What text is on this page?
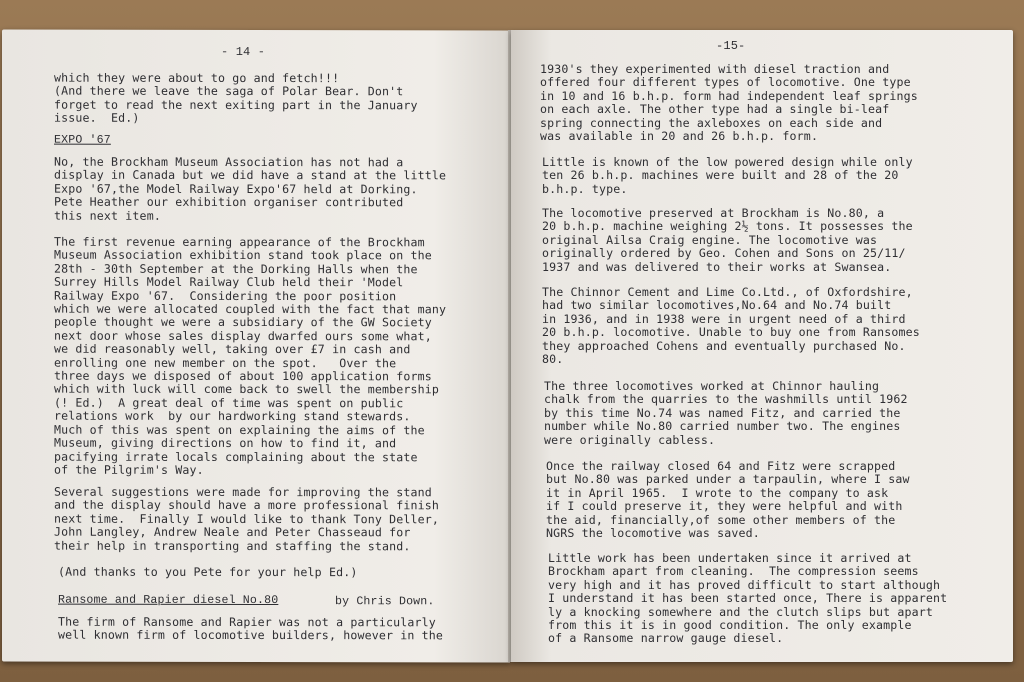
- 14 -
which they were about to go and fetch!!!
(And there we leave the saga of Polar Bear. Don't
forget to read the next exiting part in the January
issue.  Ed.)
EXPO '67
No, the Brockham Museum Association has not had a
display in Canada but we did have a stand at the little
Expo '67,the Model Railway Expo'67 held at Dorking.
Pete Heather our exhibition organiser contributed
this next item.
The first revenue earning appearance of the Brockham
Museum Association exhibition stand took place on the
28th - 30th September at the Dorking Halls when the
Surrey Hills Model Railway Club held their 'Model
Railway Expo '67.  Considering the poor position
which we were allocated coupled with the fact that many
people thought we were a subsidiary of the GW Society
next door whose sales display dwarfed ours some what,
we did reasonably well, taking over £7 in cash and
enrolling one new member on the spot.   Over the
three days we disposed of about 100 application forms
which with luck will come back to swell the membership
(! Ed.)  A great deal of time was spent on public
relations work  by our hardworking stand stewards.
Much of this was spent on explaining the aims of the
Museum, giving directions on how to find it, and
pacifying irrate locals complaining about the state
of the Pilgrim's Way.
Several suggestions were made for improving the stand
and the display should have a more professional finish
next time.  Finally I would like to thank Tony Deller,
John Langley, Andrew Neale and Peter Chasseaud for
their help in transporting and staffing the stand.
(And thanks to you Pete for your help Ed.)
Ransome and Rapier diesel No.80	by Chris Down.
The firm of Ransome and Rapier was not a particularly
well known firm of locomotive builders, however in the
-15-
1930's they experimented with diesel traction and
offered four different types of locomotive. One type
in 10 and 16 b.h.p. form had independent leaf springs
on each axle. The other type had a single bi-leaf
spring connecting the axleboxes on each side and
was available in 20 and 26 b.h.p. form.
Little is known of the low powered design while only
ten 26 b.h.p. machines were built and 28 of the 20
b.h.p. type.
The locomotive preserved at Brockham is No.80, a
20 b.h.p. machine weighing 2½ tons. It possesses the
original Ailsa Craig engine. The locomotive was
originally ordered by Geo. Cohen and Sons on 25/11/
1937 and was delivered to their works at Swansea.
The Chinnor Cement and Lime Co.Ltd., of Oxfordshire,
had two similar locomotives,No.64 and No.74 built
in 1936, and in 1938 were in urgent need of a third
20 b.h.p. locomotive. Unable to buy one from Ransomes
they approached Cohens and eventually purchased No.
80.
The three locomotives worked at Chinnor hauling
chalk from the quarries to the washmills until 1962
by this time No.74 was named Fitz, and carried the
number while No.80 carried number two. The engines
were originally cabless.
Once the railway closed 64 and Fitz were scrapped
but No.80 was parked under a tarpaulin, where I saw
it in April 1965.  I wrote to the company to ask
if I could preserve it, they were helpful and with
the aid, financially,of some other members of the
NGRS the locomotive was saved.
Little work has been undertaken since it arrived at
Brockham apart from cleaning.  The compression seems
very high and it has proved difficult to start although
I understand it has been started once, There is apparent
ly a knocking somewhere and the clutch slips but apart
from this it is in good condition. The only example
of a Ransome narrow gauge diesel.
